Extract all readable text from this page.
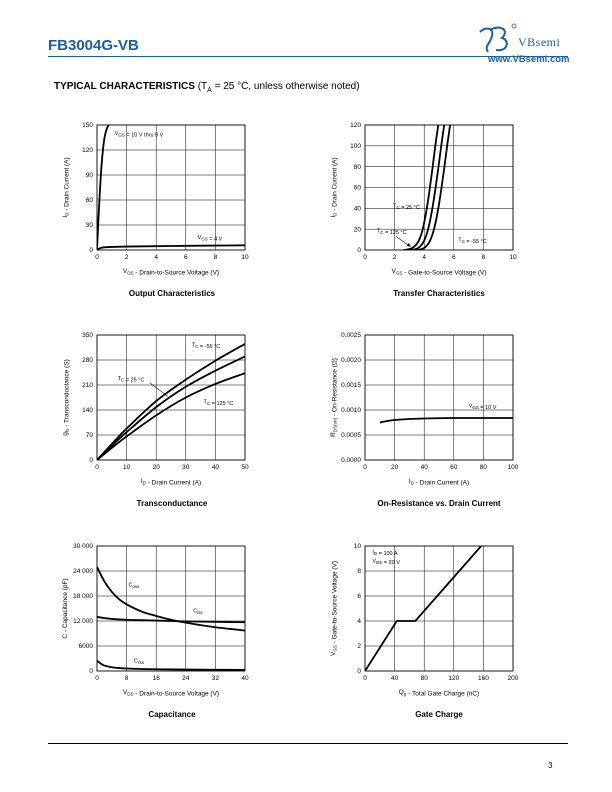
FB3004G-VB	VBsemi
www.VBsemi.com
TYPICAL CHARACTERISTICS ($T_A = 25$ °C, unless otherwise noted)
0	2	4	6	8	10
0
30
60
90
120
150
$V_{DS}$ - Drain-to-Source Voltage (V)
$I_D$ - Drain Current (A)
$V_{GS} = 10$ V thru 5 V
$V_{GS} = 4$ V
Output Characteristics
0	2	4	6	8	10
0
20
40
60
80
100
120
$V_{GS}$ - Gate-to-Source Voltage (V)
$I_D$ - Drain Current (A)	$T_C = 25$ °C
$T_C = 125$ °C
$T_C = -55$ °C
Transfer Characteristics
0	10	20	30	40	50
0
70
140
210
280
350
$I_D$ - Drain Current (A)
$g_{fs}$ - Transconductance (S)
$T_C = -55$ °C
$T_C = 25$ °C
$T_C = 125$ °C
Transconductance
0	20	40	60	80	100
0.0000
0.0005
0.0010
0.0015
0.0020
0.0025
$I_D$ - Drain Current (A)
$R_{DS(on)}$ - On-Resistance (Ω)	$V_{GS} = 10$ V
On-Resistance vs. Drain Current
0	8	16	24	32	40
0
6000
12 000
18 000
24 000
30 000
$V_{DS}$ - Drain-to-Source Voltage (V)
C - Capacitance (pF)	$C_{oss}$
$C_{iss}$
$C_{rss}$
Capacitance
0	40	80	120	160	200
0
2
4
6
8
10
$Q_g$ - Total Gate Charge (nC)
$V_{GS}$ - Gate-to-Source Voltage (V)
$I_D = 100$ A
$V_{DS} = 20$ V
Gate Charge
3
